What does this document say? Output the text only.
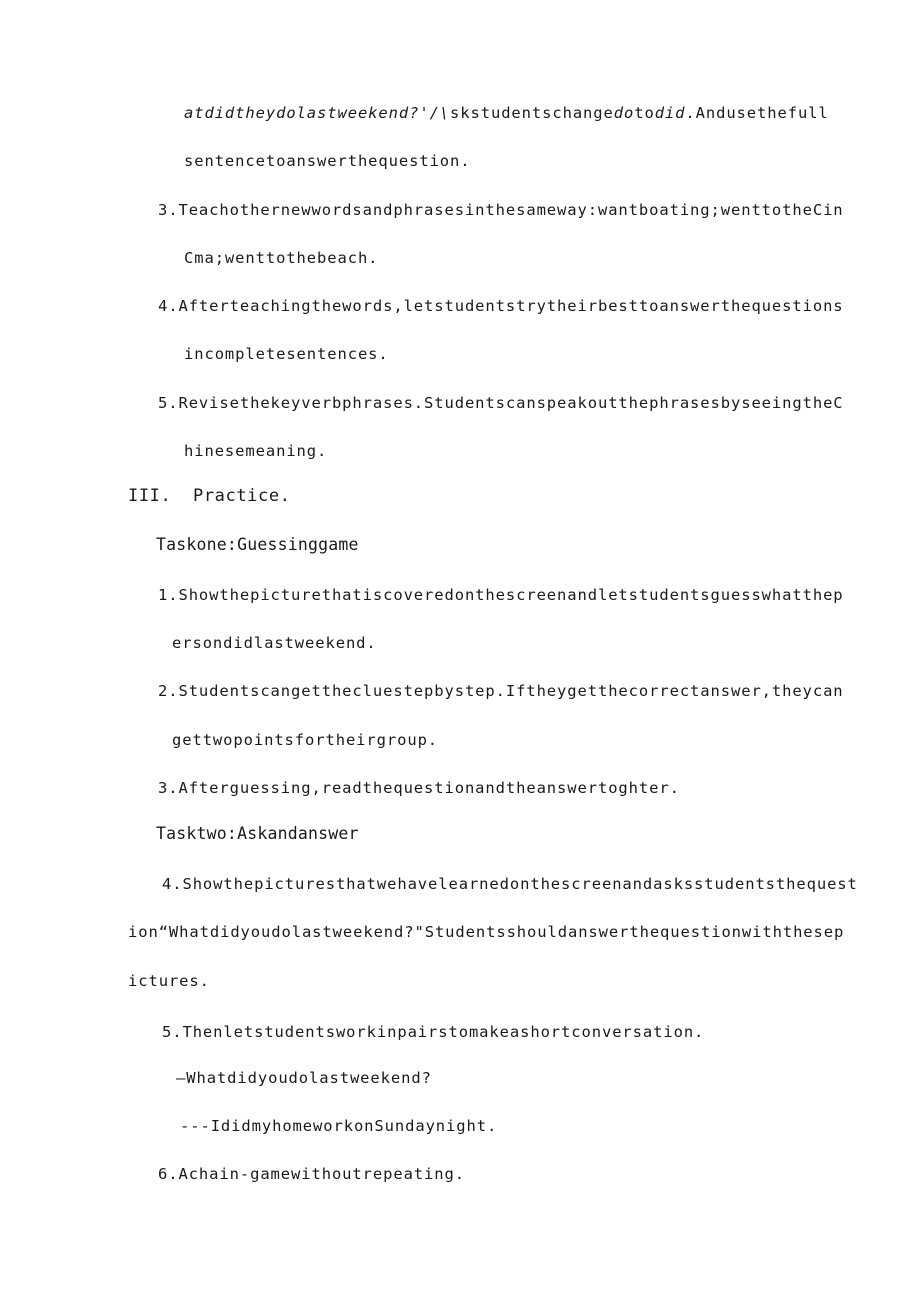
atdidtheydolastweekend?'/\skstudentschangedotodid.Andusethefull
sentencetoanswerthequestion.
3.Teachothernewwordsandphrasesinthesameway:wantboating;wenttotheCin
Cma;wenttothebeach.
4.Afterteachingthewords,letstudentstrytheirbesttoanswerthequestions
incompletesentences.
5.Revisethekeyverbphrases.StudentscanspeakoutthephrasesbyseeingtheC
hinesemeaning.
III.  Practice.
Taskone:Guessinggame
1.Showthepicturethatiscoveredonthescreenandletstudentsguesswhatthep
ersondidlastweekend.
2.Studentscangetthecluestepbystep.Iftheygetthecorrectanswer,theycan
gettwopointsfortheirgroup.
3.Afterguessing,readthequestionandtheanswertoghter.
Tasktwo:Askandanswer
4.Showthepicturesthatwehavelearnedonthescreenandasksstudentsthequest
ion“Whatdidyoudolastweekend?"Studentsshouldanswerthequestionwiththesep
ictures.
5.Thenletstudentsworkinpairstomakeashortconversation.
—Whatdidyoudolastweekend?
---IdidmyhomeworkonSundaynight.
6.Achain-gamewithoutrepeating.
